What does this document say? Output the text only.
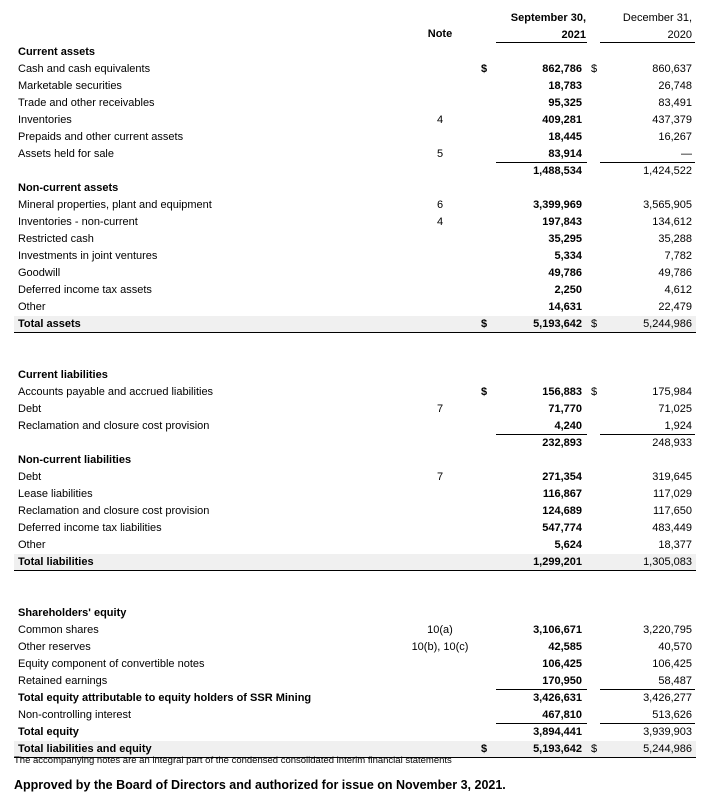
Note
September 30,
2021
December 31,
2020
Current assets
Cash and cash equivalents	$	862,786 $	860,637
Marketable securities	18,783	26,748
Trade and other receivables	95,325	83,491
Inventories	4	409,281	437,379
Prepaids and other current assets	18,445	16,267
Assets held for sale	5	83,914	—
1,488,534	1,424,522
Non-current assets
Mineral properties, plant and equipment	6	3,399,969	3,565,905
Inventories - non-current	4	197,843	134,612
Restricted cash	35,295	35,288
Investments in joint ventures	5,334	7,782
Goodwill	49,786	49,786
Deferred income tax assets	2,250	4,612
Other	14,631	22,479
Total assets	$	5,193,642 $	5,244,986
Current liabilities
Accounts payable and accrued liabilities	$	156,883 $	175,984
Debt	7	71,770	71,025
Reclamation and closure cost provision	4,240	1,924
232,893	248,933
Non-current liabilities
Debt	7	271,354	319,645
Lease liabilities	116,867	117,029
Reclamation and closure cost provision	124,689	117,650
Deferred income tax liabilities	547,774	483,449
Other	5,624	18,377
Total liabilities	1,299,201	1,305,083
Shareholders' equity
Common shares	10(a)	3,106,671	3,220,795
Other reserves	10(b), 10(c)	42,585	40,570
Equity component of convertible notes	106,425	106,425
Retained earnings	170,950	58,487
Total equity attributable to equity holders of SSR Mining	3,426,631	3,426,277
Non-controlling interest	467,810	513,626
Total equity	3,894,441	3,939,903
Total liabilities and equity	$	5,193,642 $	5,244,986
The accompanying notes are an integral part of the condensed consolidated interim financial statements
Approved by the Board of Directors and authorized for issue on November 3, 2021.
